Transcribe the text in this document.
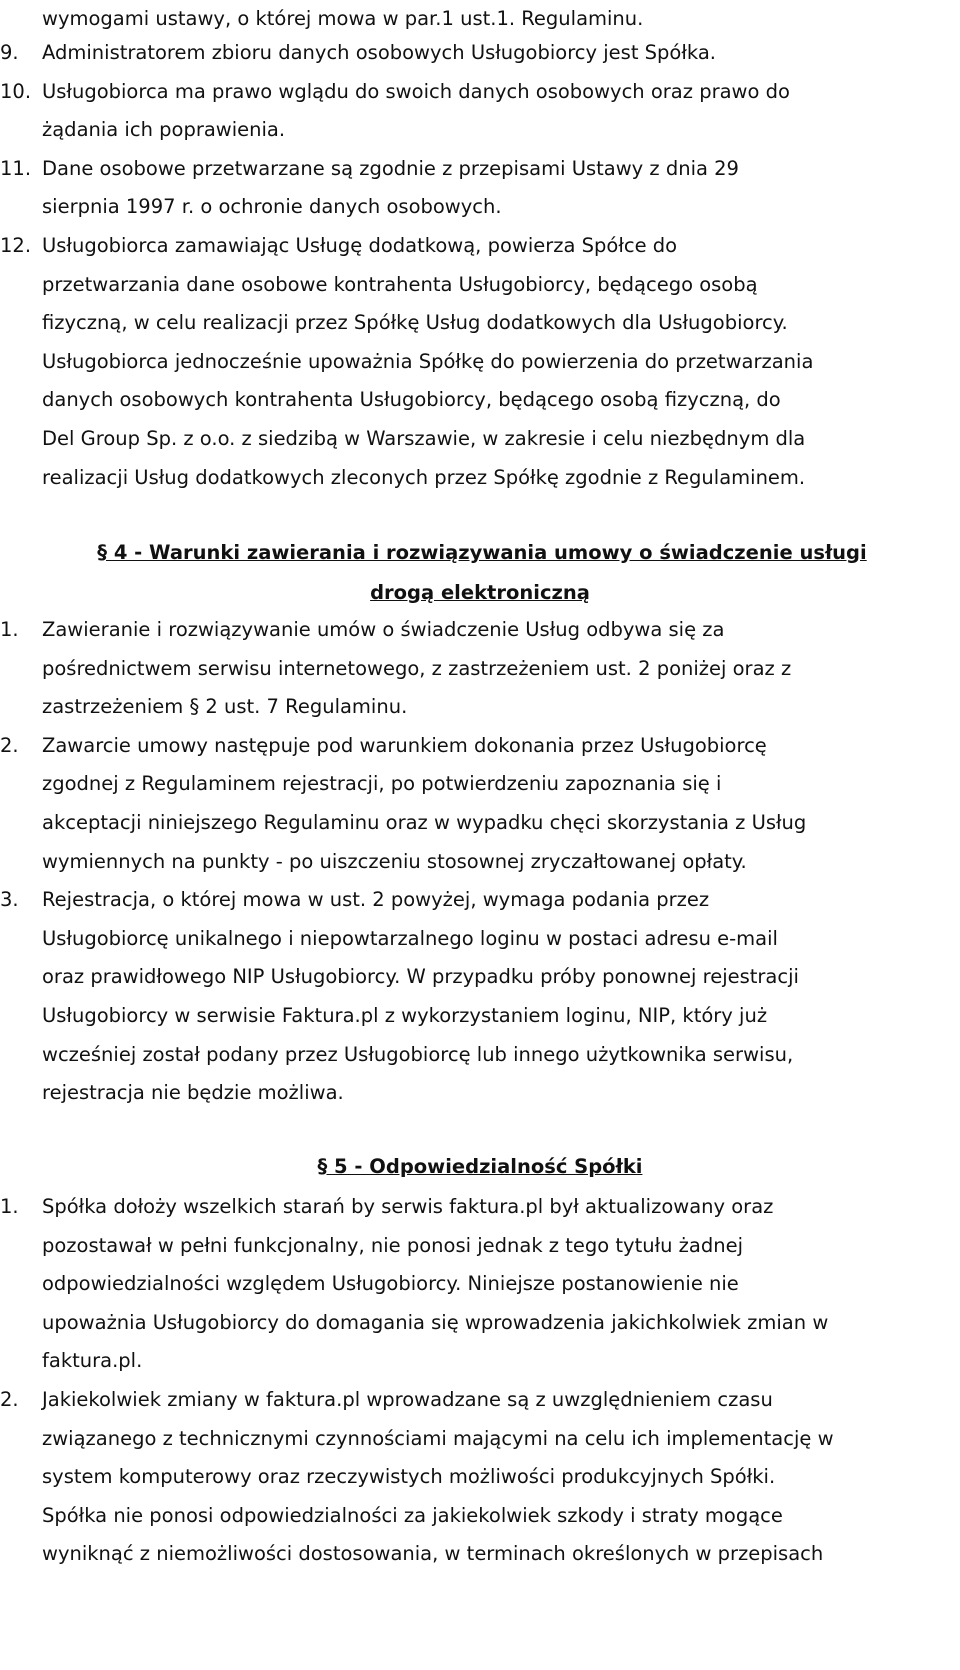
wymogami ustawy, o której mowa w par.1 ust.1. Regulaminu.
9.	Administratorem zbioru danych osobowych Usługobiorcy jest Spółka.
10. Usługobiorca ma prawo wglądu do swoich danych osobowych oraz prawo do
żądania ich poprawienia.
11. Dane osobowe przetwarzane są zgodnie z przepisami Ustawy z dnia 29
sierpnia 1997 r. o ochronie danych osobowych.
12. Usługobiorca zamawiając Usługę dodatkową, powierza Spółce do
przetwarzania dane osobowe kontrahenta Usługobiorcy, będącego osobą
fizyczną, w celu realizacji przez Spółkę Usług dodatkowych dla Usługobiorcy.
Usługobiorca jednocześnie upoważnia Spółkę do powierzenia do przetwarzania
danych osobowych kontrahenta Usługobiorcy, będącego osobą fizyczną, do
Del Group Sp. z o.o. z siedzibą w Warszawie, w zakresie i celu niezbędnym dla
realizacji Usług dodatkowych zleconych przez Spółkę zgodnie z Regulaminem.
§ 4 - Warunki zawierania i rozwiązywania umowy o świadczenie usługi
drogą elektroniczną
1.	Zawieranie i rozwiązywanie umów o świadczenie Usług odbywa się za
pośrednictwem serwisu internetowego, z zastrzeżeniem ust. 2 poniżej oraz z
zastrzeżeniem § 2 ust. 7 Regulaminu.
2.	Zawarcie umowy następuje pod warunkiem dokonania przez Usługobiorcę
zgodnej z Regulaminem rejestracji, po potwierdzeniu zapoznania się i
akceptacji niniejszego Regulaminu oraz w wypadku chęci skorzystania z Usług
wymiennych na punkty - po uiszczeniu stosownej zryczałtowanej opłaty.
3.	Rejestracja, o której mowa w ust. 2 powyżej, wymaga podania przez
Usługobiorcę unikalnego i niepowtarzalnego loginu w postaci adresu e-mail
oraz prawidłowego NIP Usługobiorcy. W przypadku próby ponownej rejestracji
Usługobiorcy w serwisie Faktura.pl z wykorzystaniem loginu, NIP, który już
wcześniej został podany przez Usługobiorcę lub innego użytkownika serwisu,
rejestracja nie będzie możliwa.
§ 5 - Odpowiedzialność Spółki
1.	Spółka dołoży wszelkich starań by serwis faktura.pl był aktualizowany oraz
pozostawał w pełni funkcjonalny, nie ponosi jednak z tego tytułu żadnej
odpowiedzialności względem Usługobiorcy. Niniejsze postanowienie nie
upoważnia Usługobiorcy do domagania się wprowadzenia jakichkolwiek zmian w
faktura.pl.
2.	Jakiekolwiek zmiany w faktura.pl wprowadzane są z uwzględnieniem czasu
związanego z technicznymi czynnościami mającymi na celu ich implementację w
system komputerowy oraz rzeczywistych możliwości produkcyjnych Spółki.
Spółka nie ponosi odpowiedzialności za jakiekolwiek szkody i straty mogące
wyniknąć z niemożliwości dostosowania, w terminach określonych w przepisach
